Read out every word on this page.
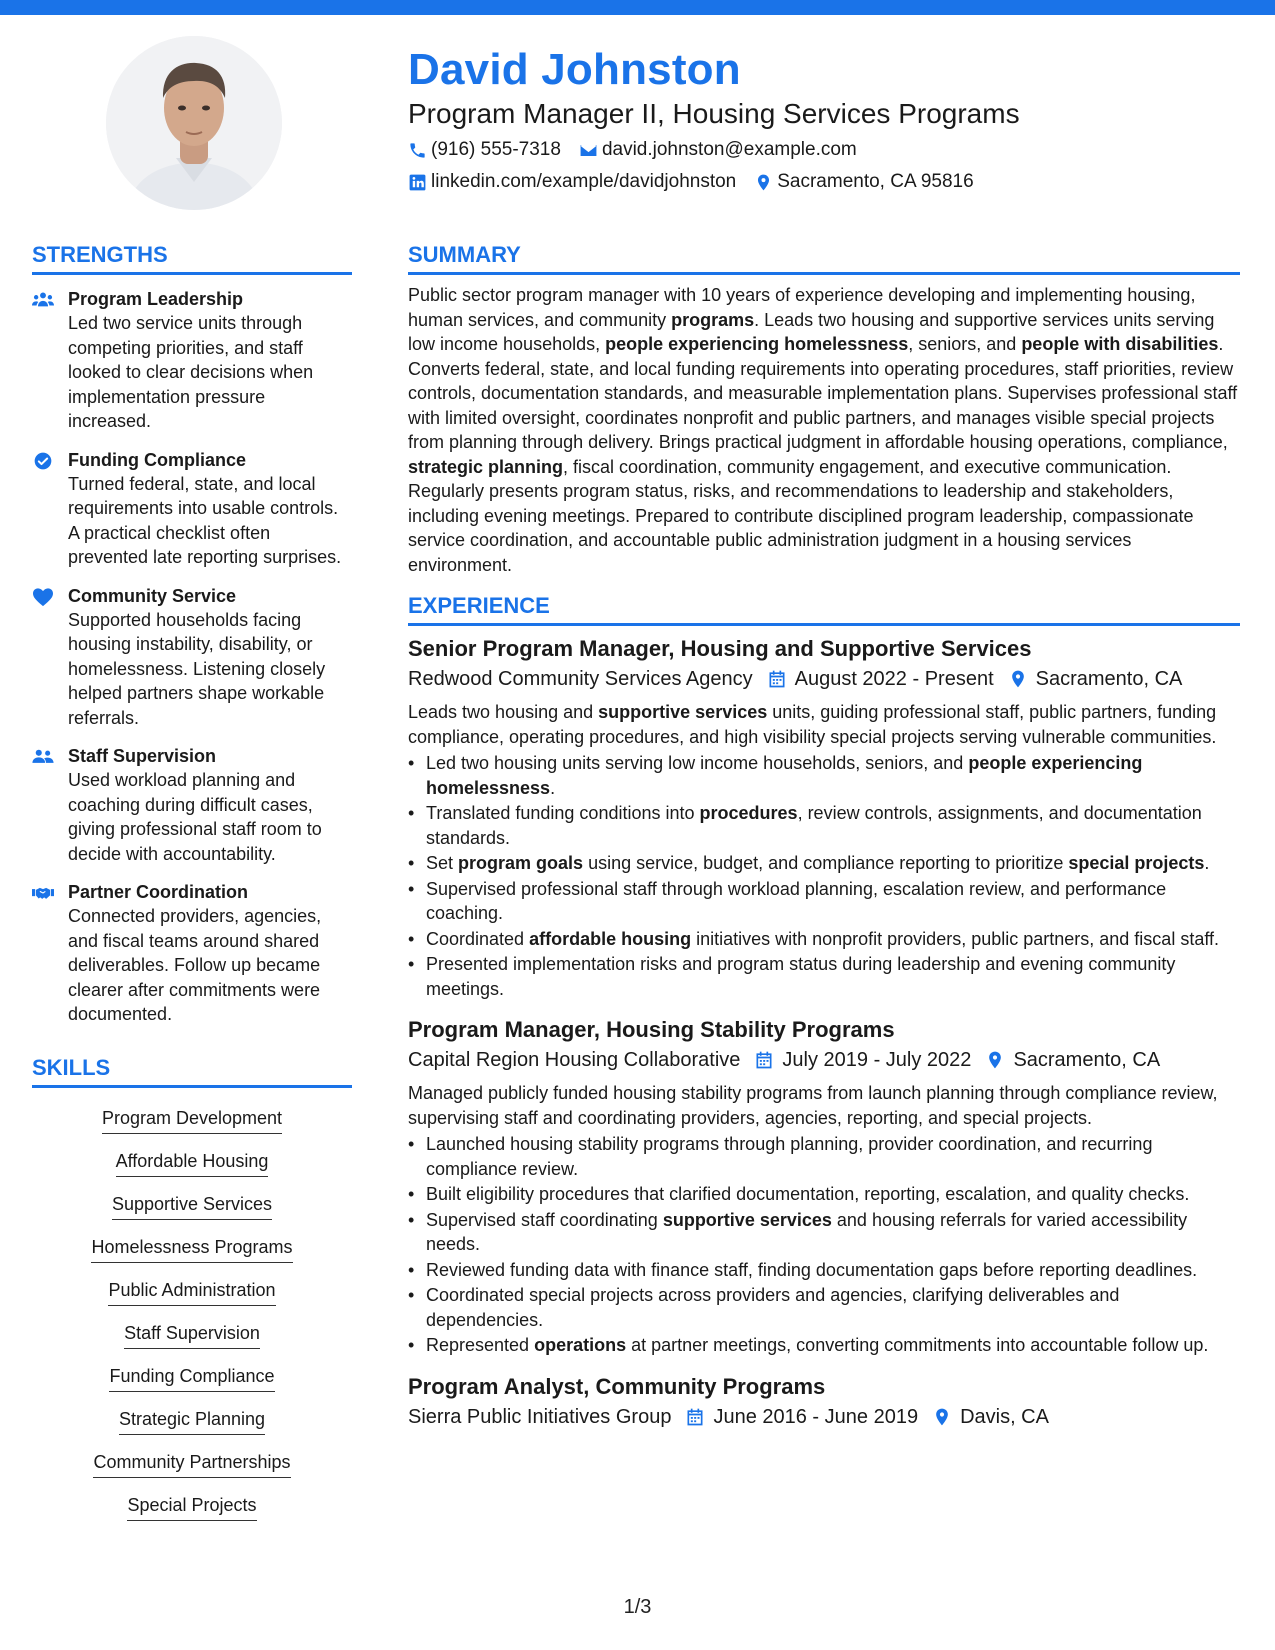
David Johnston
Program Manager II, Housing Services Programs
(916) 555-7318 david.johnston@example.com
linkedin.com/example/davidjohnston Sacramento, CA 95816
STRENGTHS
Program Leadership
Led two service units through competing priorities, and staff looked to clear decisions when implementation pressure increased.
Funding Compliance
Turned federal, state, and local requirements into usable controls. A practical checklist often prevented late reporting surprises.
Community Service
Supported households facing housing instability, disability, or homelessness. Listening closely helped partners shape workable referrals.
Staff Supervision
Used workload planning and coaching during difficult cases, giving professional staff room to decide with accountability.
Partner Coordination
Connected providers, agencies, and fiscal teams around shared deliverables. Follow up became clearer after commitments were documented.
SKILLS
Program Development
Affordable Housing
Supportive Services
Homelessness Programs
Public Administration
Staff Supervision
Funding Compliance
Strategic Planning
Community Partnerships
Special Projects
SUMMARY
Public sector program manager with 10 years of experience developing and implementing housing, human services, and community programs. Leads two housing and supportive services units serving low income households, people experiencing homelessness, seniors, and people with disabilities. Converts federal, state, and local funding requirements into operating procedures, staff priorities, review controls, documentation standards, and measurable implementation plans. Supervises professional staff with limited oversight, coordinates nonprofit and public partners, and manages visible special projects from planning through delivery. Brings practical judgment in affordable housing operations, compliance, strategic planning, fiscal coordination, community engagement, and executive communication. Regularly presents program status, risks, and recommendations to leadership and stakeholders, including evening meetings. Prepared to contribute disciplined program leadership, compassionate service coordination, and accountable public administration judgment in a housing services environment.
EXPERIENCE
Senior Program Manager, Housing and Supportive Services
Redwood Community Services Agency August 2022 - Present Sacramento, CA
Leads two housing and supportive services units, guiding professional staff, public partners, funding compliance, operating procedures, and high visibility special projects serving vulnerable communities.
• Led two housing units serving low income households, seniors, and people experiencing homelessness.
• Translated funding conditions into procedures, review controls, assignments, and documentation standards.
• Set program goals using service, budget, and compliance reporting to prioritize special projects.
• Supervised professional staff through workload planning, escalation review, and performance coaching.
• Coordinated affordable housing initiatives with nonprofit providers, public partners, and fiscal staff.
• Presented implementation risks and program status during leadership and evening community meetings.
Program Manager, Housing Stability Programs
Capital Region Housing Collaborative July 2019 - July 2022 Sacramento, CA
Managed publicly funded housing stability programs from launch planning through compliance review, supervising staff and coordinating providers, agencies, reporting, and special projects.
• Launched housing stability programs through planning, provider coordination, and recurring compliance review.
• Built eligibility procedures that clarified documentation, reporting, escalation, and quality checks.
• Supervised staff coordinating supportive services and housing referrals for varied accessibility needs.
• Reviewed funding data with finance staff, finding documentation gaps before reporting deadlines.
• Coordinated special projects across providers and agencies, clarifying deliverables and dependencies.
• Represented operations at partner meetings, converting commitments into accountable follow up.
Program Analyst, Community Programs
Sierra Public Initiatives Group June 2016 - June 2019 Davis, CA
1/3
